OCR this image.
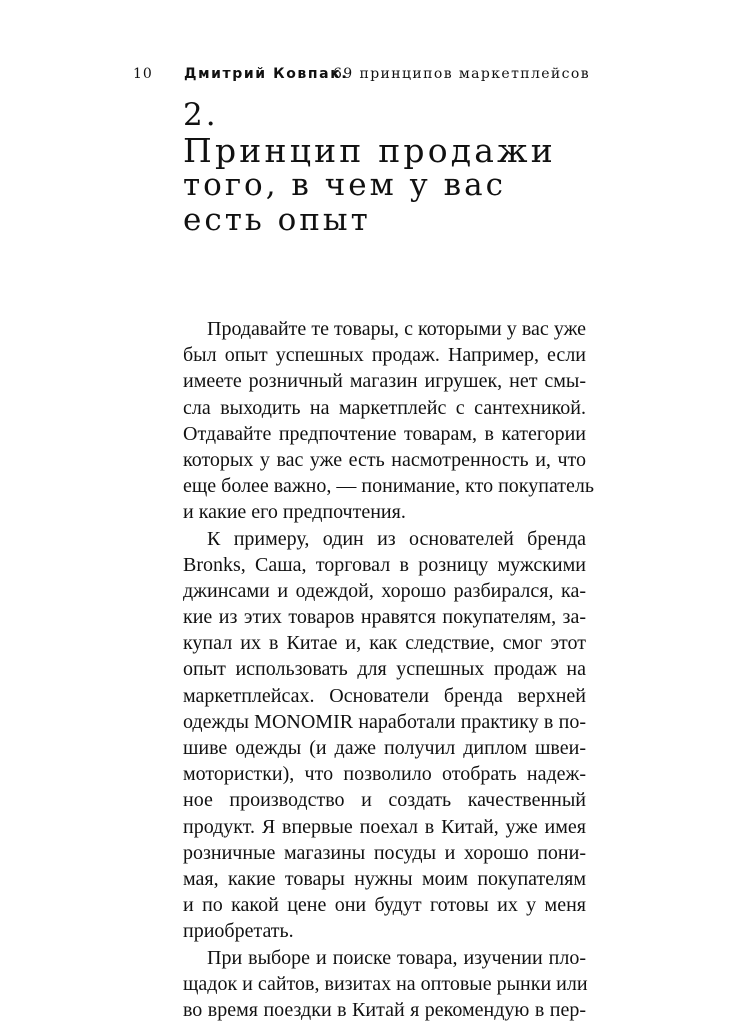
10 Дмитрий Ковпак.
69 принципов маркетплейсов
2.
Принцип продажи
того, в чем у вас
есть опыт
Продавайте те товары, с которыми у вас уже
был опыт успешных продаж. Например, если
имеете розничный магазин игрушек, нет смы-
сла выходить на маркетплейс с сантехникой.
Отдавайте предпочтение товарам, в категории
которых у вас уже есть насмотренность и, что
еще более важно, — понимание, кто покупатель
и какие его предпочтения.
К примеру, один из основателей бренда
Bronks, Саша, торговал в розницу мужскими
джинсами и одеждой, хорошо разбирался, ка-
кие из этих товаров нравятся покупателям, за-
купал их в Китае и, как следствие, смог этот
опыт использовать для успешных продаж на
маркетплейсах. Основатели бренда верхней
одежды MONOMIR наработали практику в по-
шиве одежды (и даже получил диплом швеи-
мотористки), что позволило отобрать надеж-
ное производство и создать качественный
продукт. Я впервые поехал в Китай, уже имея
розничные магазины посуды и хорошо пони-
мая, какие товары нужны моим покупателям
и по какой цене они будут готовы их у меня
приобретать.
При выборе и поиске товара, изучении пло-
щадок и сайтов, визитах на оптовые рынки или
во время поездки в Китай я рекомендую в пер-
